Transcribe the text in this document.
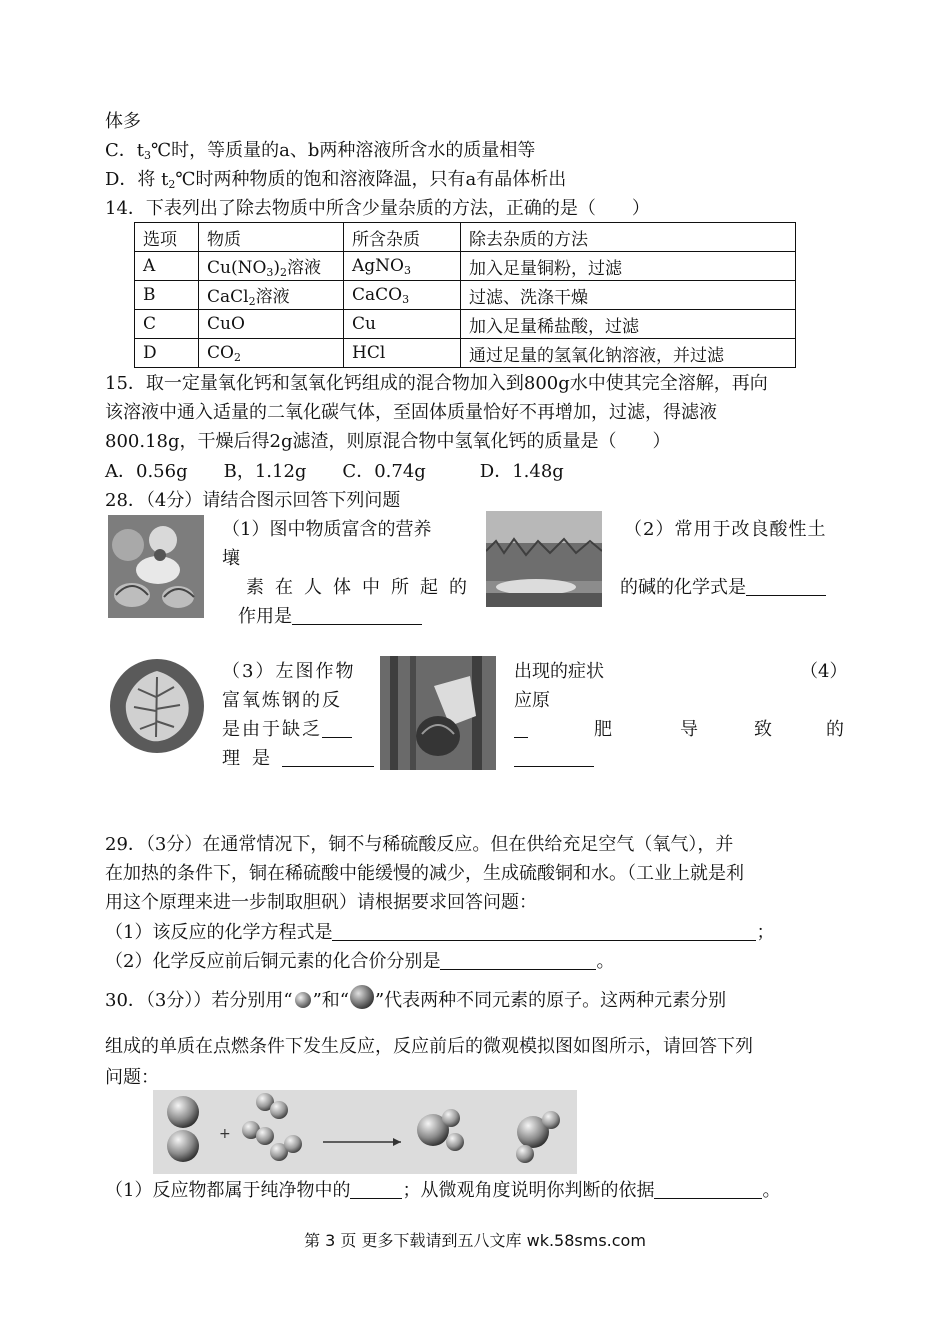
体多
C．$t_3℃$时，等质量的a、b两种溶液所含水的质量相等
D．将 $t_2℃$时两种物质的饱和溶液降温，只有a有晶体析出
14．下表列出了除去物质中所含少量杂质的方法，正确的是（　　）
选项	物质	所含杂质	除去杂质的方法
A	$Cu(NO_3)_2$溶液	AgNO$_3$	加入足量铜粉，过滤
B	CaCl$_2$溶液	CaCO$_3$	过滤、洗涤干燥
C	CuO	Cu	加入足量稀盐酸，过滤
D	$CO_2$	HCl	通过足量的氢氧化钠溶液，并过滤
15．取一定量氧化钙和氢氧化钙组成的混合物加入到800g水中使其完全溶解，再向
该溶液中通入适量的二氧化碳气体，至固体质量恰好不再增加，过滤，得滤液
800.18g，干燥后得2g滤渣，则原混合物中氢氧化钙的质量是（　　）
A．0.56g　　B，1.12g　　C．0.74g　　　D．1.48g
28．（4分）请结合图示回答下列问题
（1）图中物质富含的营养
壤
素在人体中所起的
作用是
（2）常用于改良酸性土
的碱的化学式是
（3）左图作物
富氧炼钢的反
是由于缺乏
理是
出现的症状	（4）
应原
肥	导	致	的
29．（3分）在通常情况下，铜不与稀硫酸反应。但在供给充足空气（氧气），并
在加热的条件下，铜在稀硫酸中能缓慢的减少，生成硫酸铜和水。（工业上就是利
用这个原理来进一步制取胆矾）请根据要求回答问题：
（1）该反应的化学方程式是	；
（2）化学反应前后铜元素的化合价分别是	。
30．（3分））若分别用“ ”和“ ”代表两种不同元素的原子。这两种元素分别
组成的单质在点燃条件下发生反应，反应前后的微观模拟图如图所示，请回答下列
问题：
+
（1）反应物都属于纯净物中的	；从微观角度说明你判断的依据	。
第 3 页 更多下载请到五八文库 wk.58sms.com
